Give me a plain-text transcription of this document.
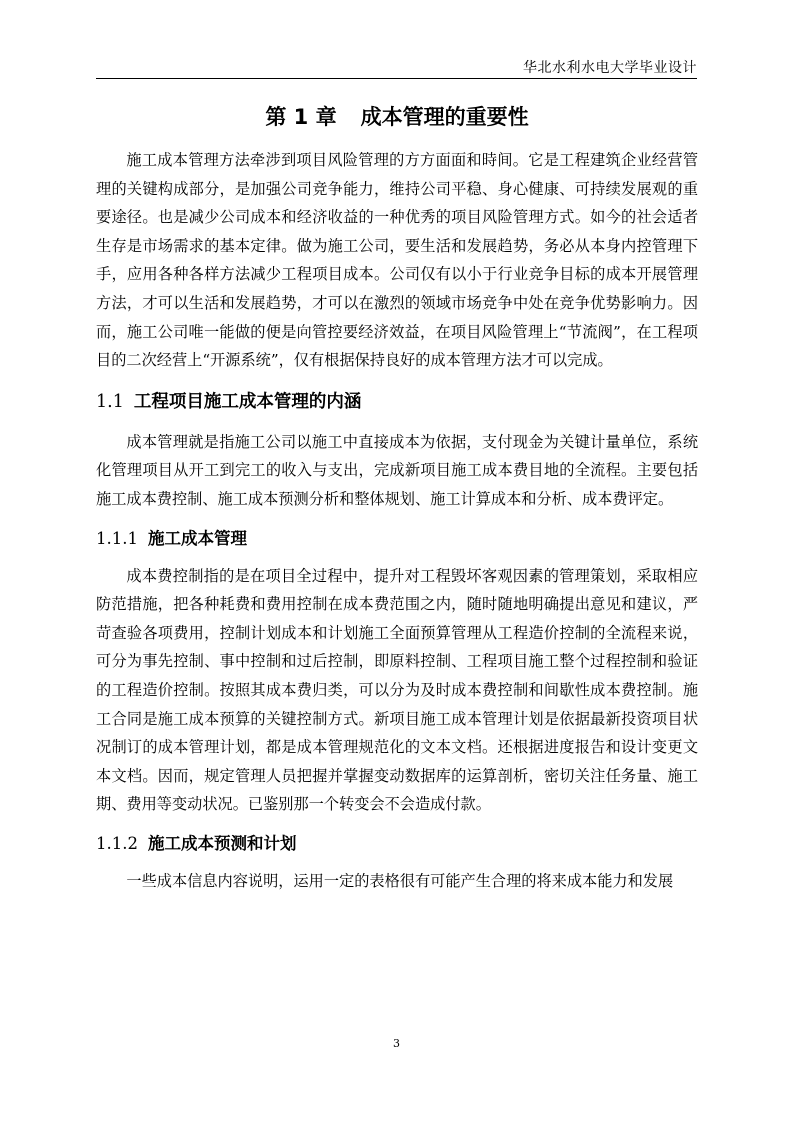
华北水利水电大学毕业设计
第 1 章 成本管理的重要性

施工成本管理方法牵涉到项目风险管理的方方面面和時间。它是工程建筑企业经营管理的关键构成部分，是加强公司竞争能力，维持公司平稳、身心健康、可持续发展观的重要途径。也是减少公司成本和经济收益的一种优秀的项目风险管理方式。如今的社会适者生存是市场需求的基本定律。做为施工公司，要生活和发展趋势，务必从本身内控管理下手，应用各种各样方法减少工程项目成本。公司仅有以小于行业竞争目标的成本开展管理方法，才可以生活和发展趋势，才可以在激烈的领域市场竞争中处在竞争优势影响力。因而，施工公司唯一能做的便是向管控要经济效益，在项目风险管理上“节流阀”，在工程项目的二次经营上“开源系统”，仅有根据保持良好的成本管理方法才可以完成。

1.1 工程项目施工成本管理的内涵

成本管理就是指施工公司以施工中直接成本为依据，支付现金为关键计量单位，系统化管理项目从开工到完工的收入与支出，完成新项目施工成本费目地的全流程。主要包括施工成本费控制、施工成本预测分析和整体规划、施工计算成本和分析、成本费评定。

1.1.1 施工成本管理

成本费控制指的是在项目全过程中，提升对工程毁坏客观因素的管理策划，采取相应防范措施，把各种耗费和费用控制在成本费范围之内，随时随地明确提出意见和建议，严苛查验各项费用，控制计划成本和计划施工全面预算管理从工程造价控制的全流程来说，可分为事先控制、事中控制和过后控制，即原料控制、工程项目施工整个过程控制和验证的工程造价控制。按照其成本费归类，可以分为及时成本费控制和间歇性成本费控制。施工合同是施工成本预算的关键控制方式。新项目施工成本管理计划是依据最新投资项目状况制订的成本管理计划，都是成本管理规范化的文本文档。还根据进度报告和设计变更文本文档。因而，规定管理人员把握并掌握变动数据库的运算剖析，密切关注任务量、施工期、费用等变动状况。已鉴别那一个转变会不会造成付款。

1.1.2 施工成本预测和计划

一些成本信息内容说明，运用一定的表格很有可能产生合理的将来成本能力和发展

3
